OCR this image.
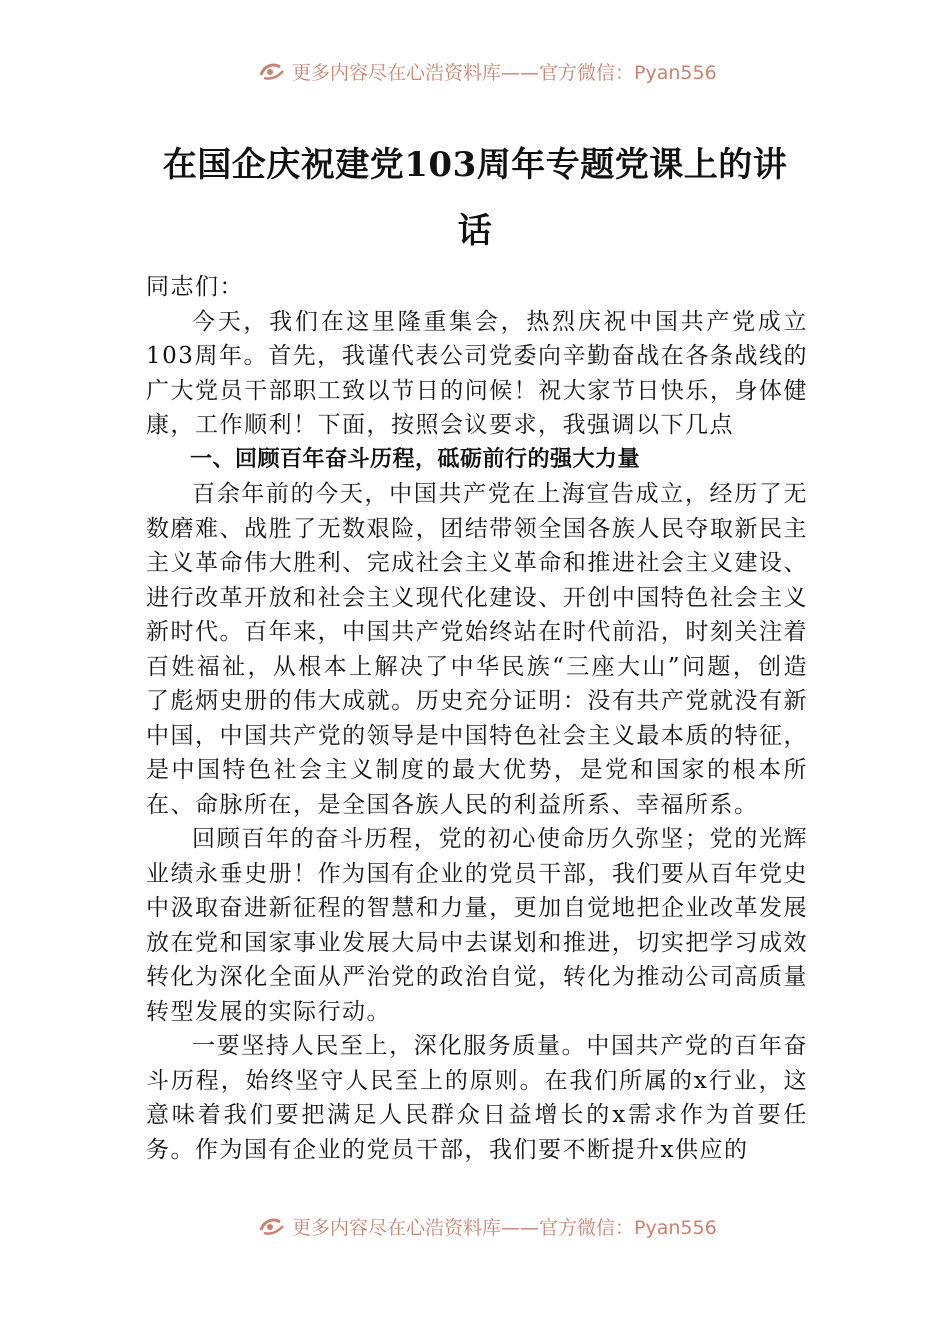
更多内容尽在心浩资料库——官方微信：Pyan556
在国企庆祝建党103周年专题党课上的讲话

同志们：

今天，我们在这里隆重集会，热烈庆祝中国共产党成立103周年。首先，我谨代表公司党委向辛勤奋战在各条战线的广大党员干部职工致以节日的问候！祝大家节日快乐，身体健康，工作顺利！下面，按照会议要求，我强调以下几点

一、回顾百年奋斗历程，砥砺前行的强大力量

百余年前的今天，中国共产党在上海宣告成立，经历了无数磨难、战胜了无数艰险，团结带领全国各族人民夺取新民主主义革命伟大胜利、完成社会主义革命和推进社会主义建设、进行改革开放和社会主义现代化建设、开创中国特色社会主义新时代。百年来，中国共产党始终站在时代前沿，时刻关注着百姓福祉，从根本上解决了中华民族“三座大山”问题，创造了彪炳史册的伟大成就。历史充分证明：没有共产党就没有新中国，中国共产党的领导是中国特色社会主义最本质的特征，是中国特色社会主义制度的最大优势，是党和国家的根本所在、命脉所在，是全国各族人民的利益所系、幸福所系。

回顾百年的奋斗历程，党的初心使命历久弥坚；党的光辉业绩永垂史册！作为国有企业的党员干部，我们要从百年党史中汲取奋进新征程的智慧和力量，更加自觉地把企业改革发展放在党和国家事业发展大局中去谋划和推进，切实把学习成效转化为深化全面从严治党的政治自觉，转化为推动公司高质量转型发展的实际行动。

一要坚持人民至上，深化服务质量。中国共产党的百年奋斗历程，始终坚守人民至上的原则。在我们所属的x行业，这意味着我们要把满足人民群众日益增长的x需求作为首要任务。作为国有企业的党员干部，我们要不断提升x供应的

更多内容尽在心浩资料库——官方微信：Pyan556
